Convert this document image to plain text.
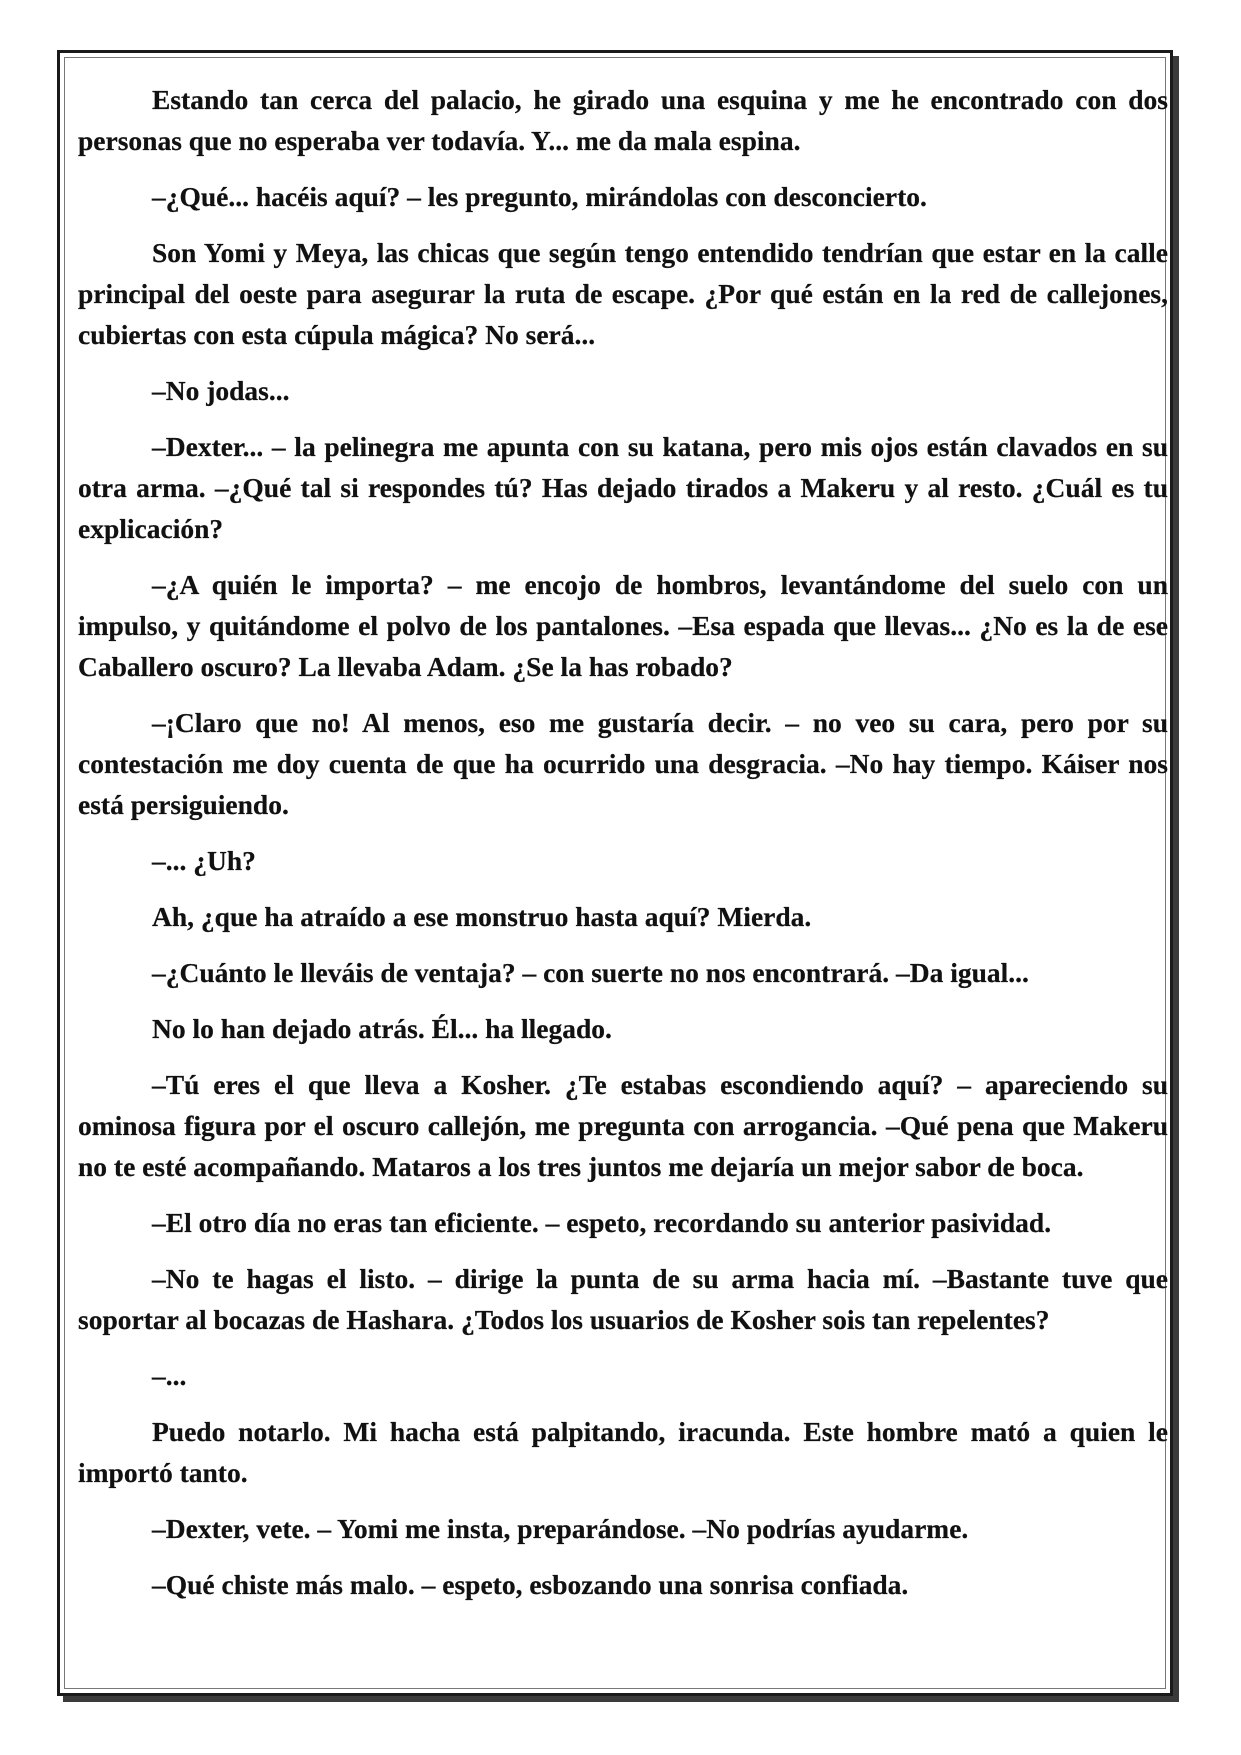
Estando tan cerca del palacio, he girado una esquina y me he encontrado con dos personas que no esperaba ver todavía. Y... me da mala espina.

–¿Qué... hacéis aquí? – les pregunto, mirándolas con desconcierto.

Son Yomi y Meya, las chicas que según tengo entendido tendrían que estar en la calle principal del oeste para asegurar la ruta de escape. ¿Por qué están en la red de callejones, cubiertas con esta cúpula mágica? No será...

–No jodas...

–Dexter... – la pelinegra me apunta con su katana, pero mis ojos están clavados en su otra arma. –¿Qué tal si respondes tú? Has dejado tirados a Makeru y al resto. ¿Cuál es tu explicación?

–¿A quién le importa? – me encojo de hombros, levantándome del suelo con un impulso, y quitándome el polvo de los pantalones. –Esa espada que llevas... ¿No es la de ese Caballero oscuro? La llevaba Adam. ¿Se la has robado?

–¡Claro que no! Al menos, eso me gustaría decir. – no veo su cara, pero por su contestación me doy cuenta de que ha ocurrido una desgracia. –No hay tiempo. Káiser nos está persiguiendo.

–... ¿Uh?

Ah, ¿que ha atraído a ese monstruo hasta aquí? Mierda.

–¿Cuánto le lleváis de ventaja? – con suerte no nos encontrará. –Da igual...

No lo han dejado atrás. Él... ha llegado.

–Tú eres el que lleva a Kosher. ¿Te estabas escondiendo aquí? – apareciendo su ominosa figura por el oscuro callejón, me pregunta con arrogancia. –Qué pena que Makeru no te esté acompañando. Mataros a los tres juntos me dejaría un mejor sabor de boca.

–El otro día no eras tan eficiente. – espeto, recordando su anterior pasividad.

–No te hagas el listo. – dirige la punta de su arma hacia mí. –Bastante tuve que soportar al bocazas de Hashara. ¿Todos los usuarios de Kosher sois tan repelentes?

–...

Puedo notarlo. Mi hacha está palpitando, iracunda. Este hombre mató a quien le importó tanto.

–Dexter, vete. – Yomi me insta, preparándose. –No podrías ayudarme.

–Qué chiste más malo. – espeto, esbozando una sonrisa confiada.
